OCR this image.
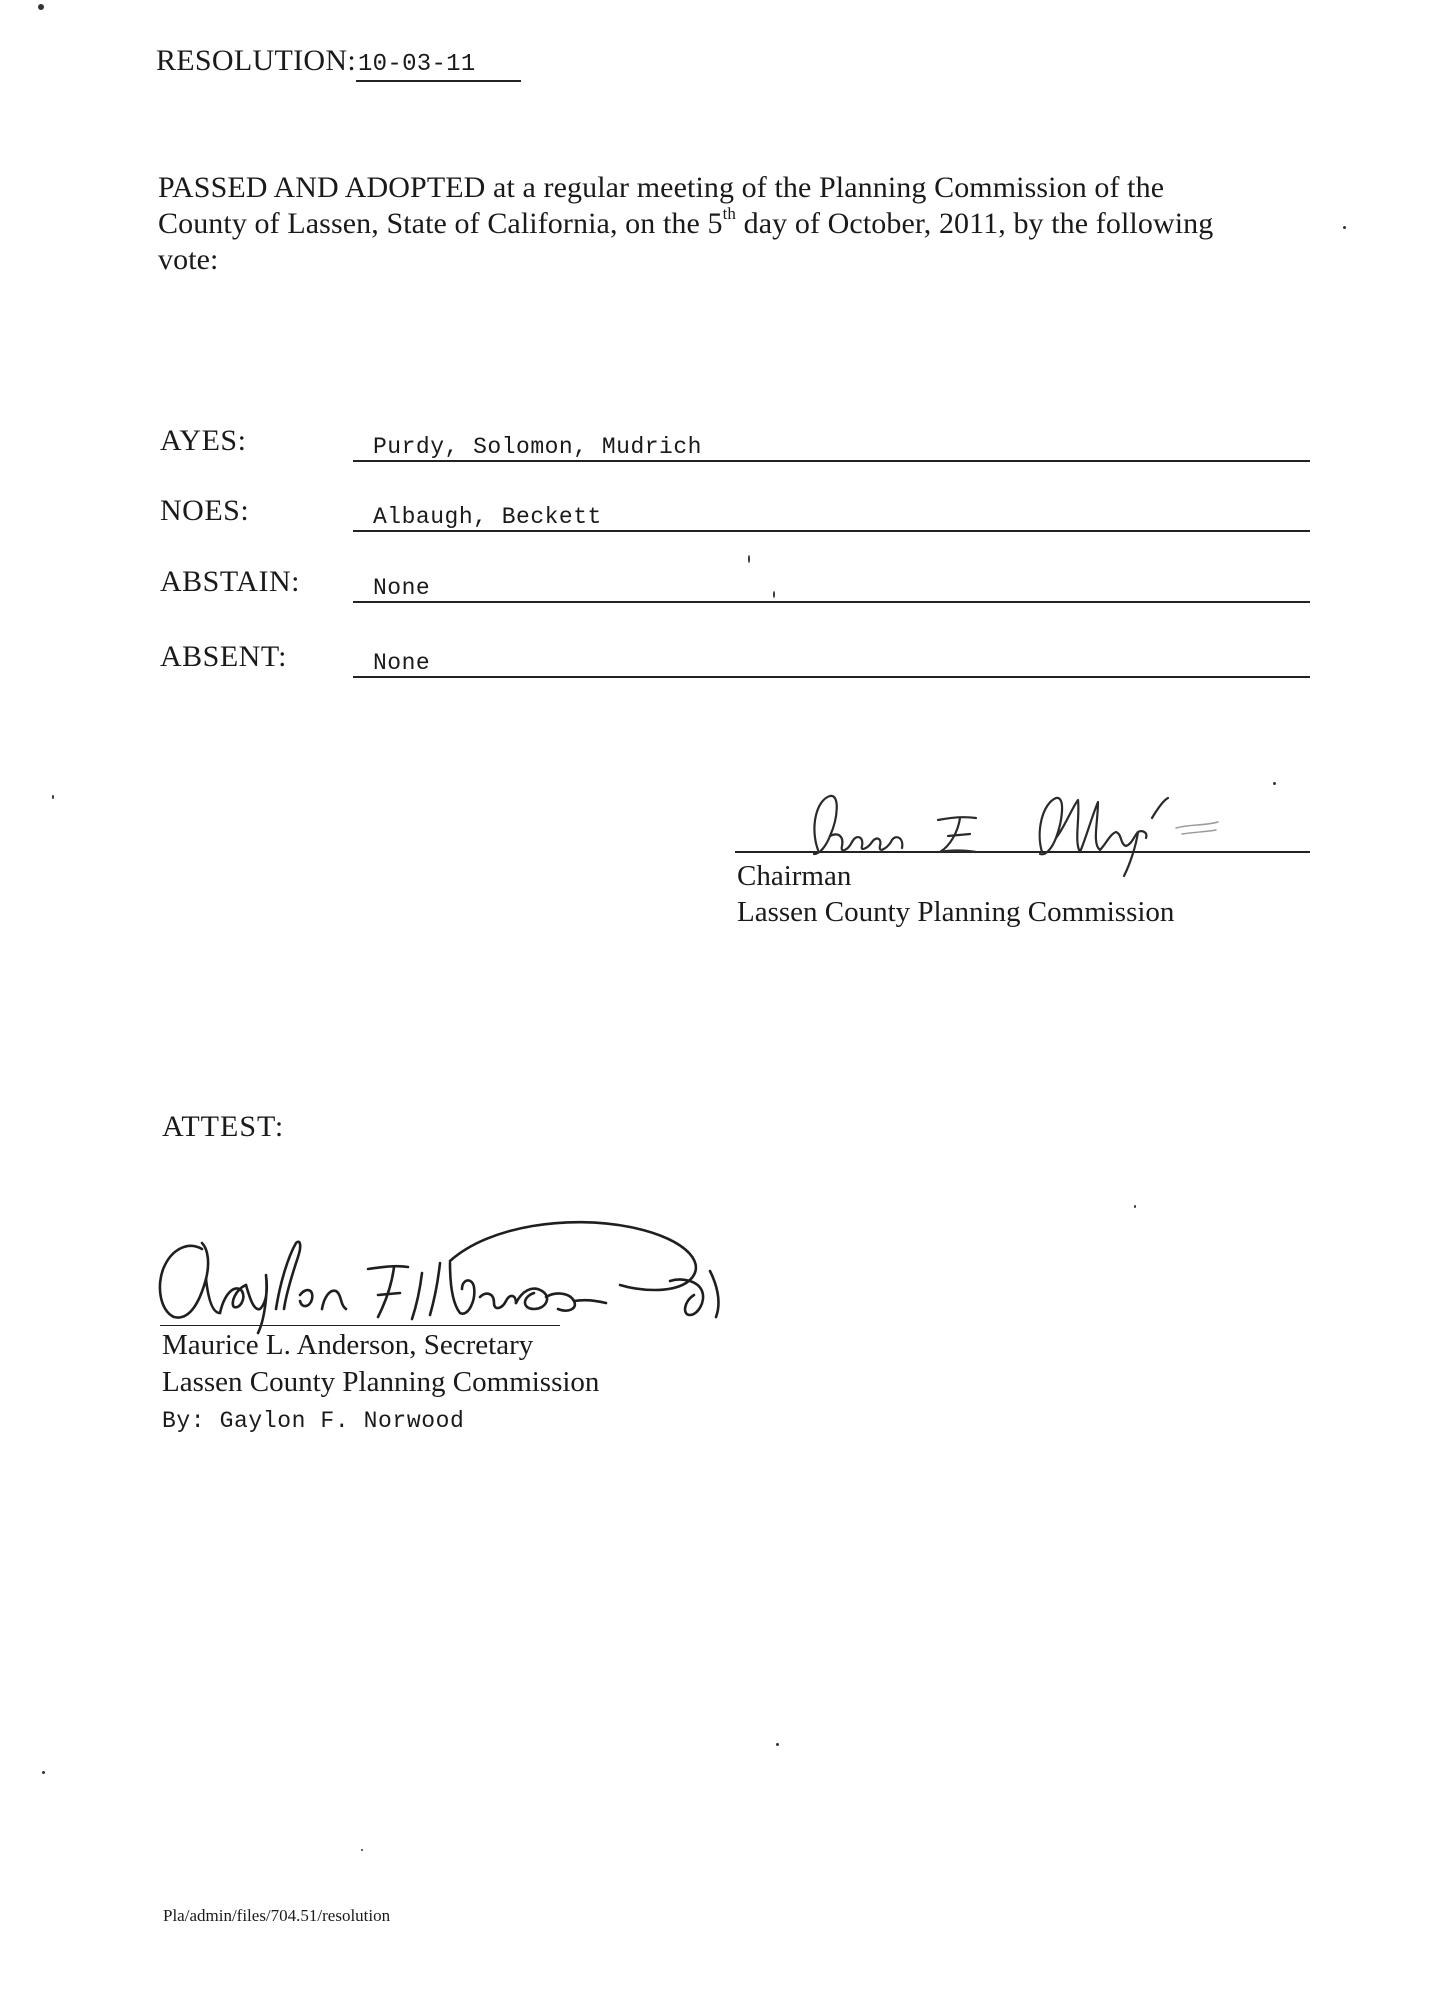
RESOLUTION:10-03-11

PASSED AND ADOPTED at a regular meeting of the Planning Commission of the

County of Lassen, State of California, on the 5th day of October, 2011, by the following

vote:

AYES:	Purdy, Solomon, Mudrich
NOES:	Albaugh, Beckett
ABSTAIN:	None
ABSENT:	None
Chairman
Lassen County Planning Commission
ATTEST:
Maurice L. Anderson, Secretary
Lassen County Planning Commission
By: Gaylon F. Norwood
Pla/admin/files/704.51/resolution
